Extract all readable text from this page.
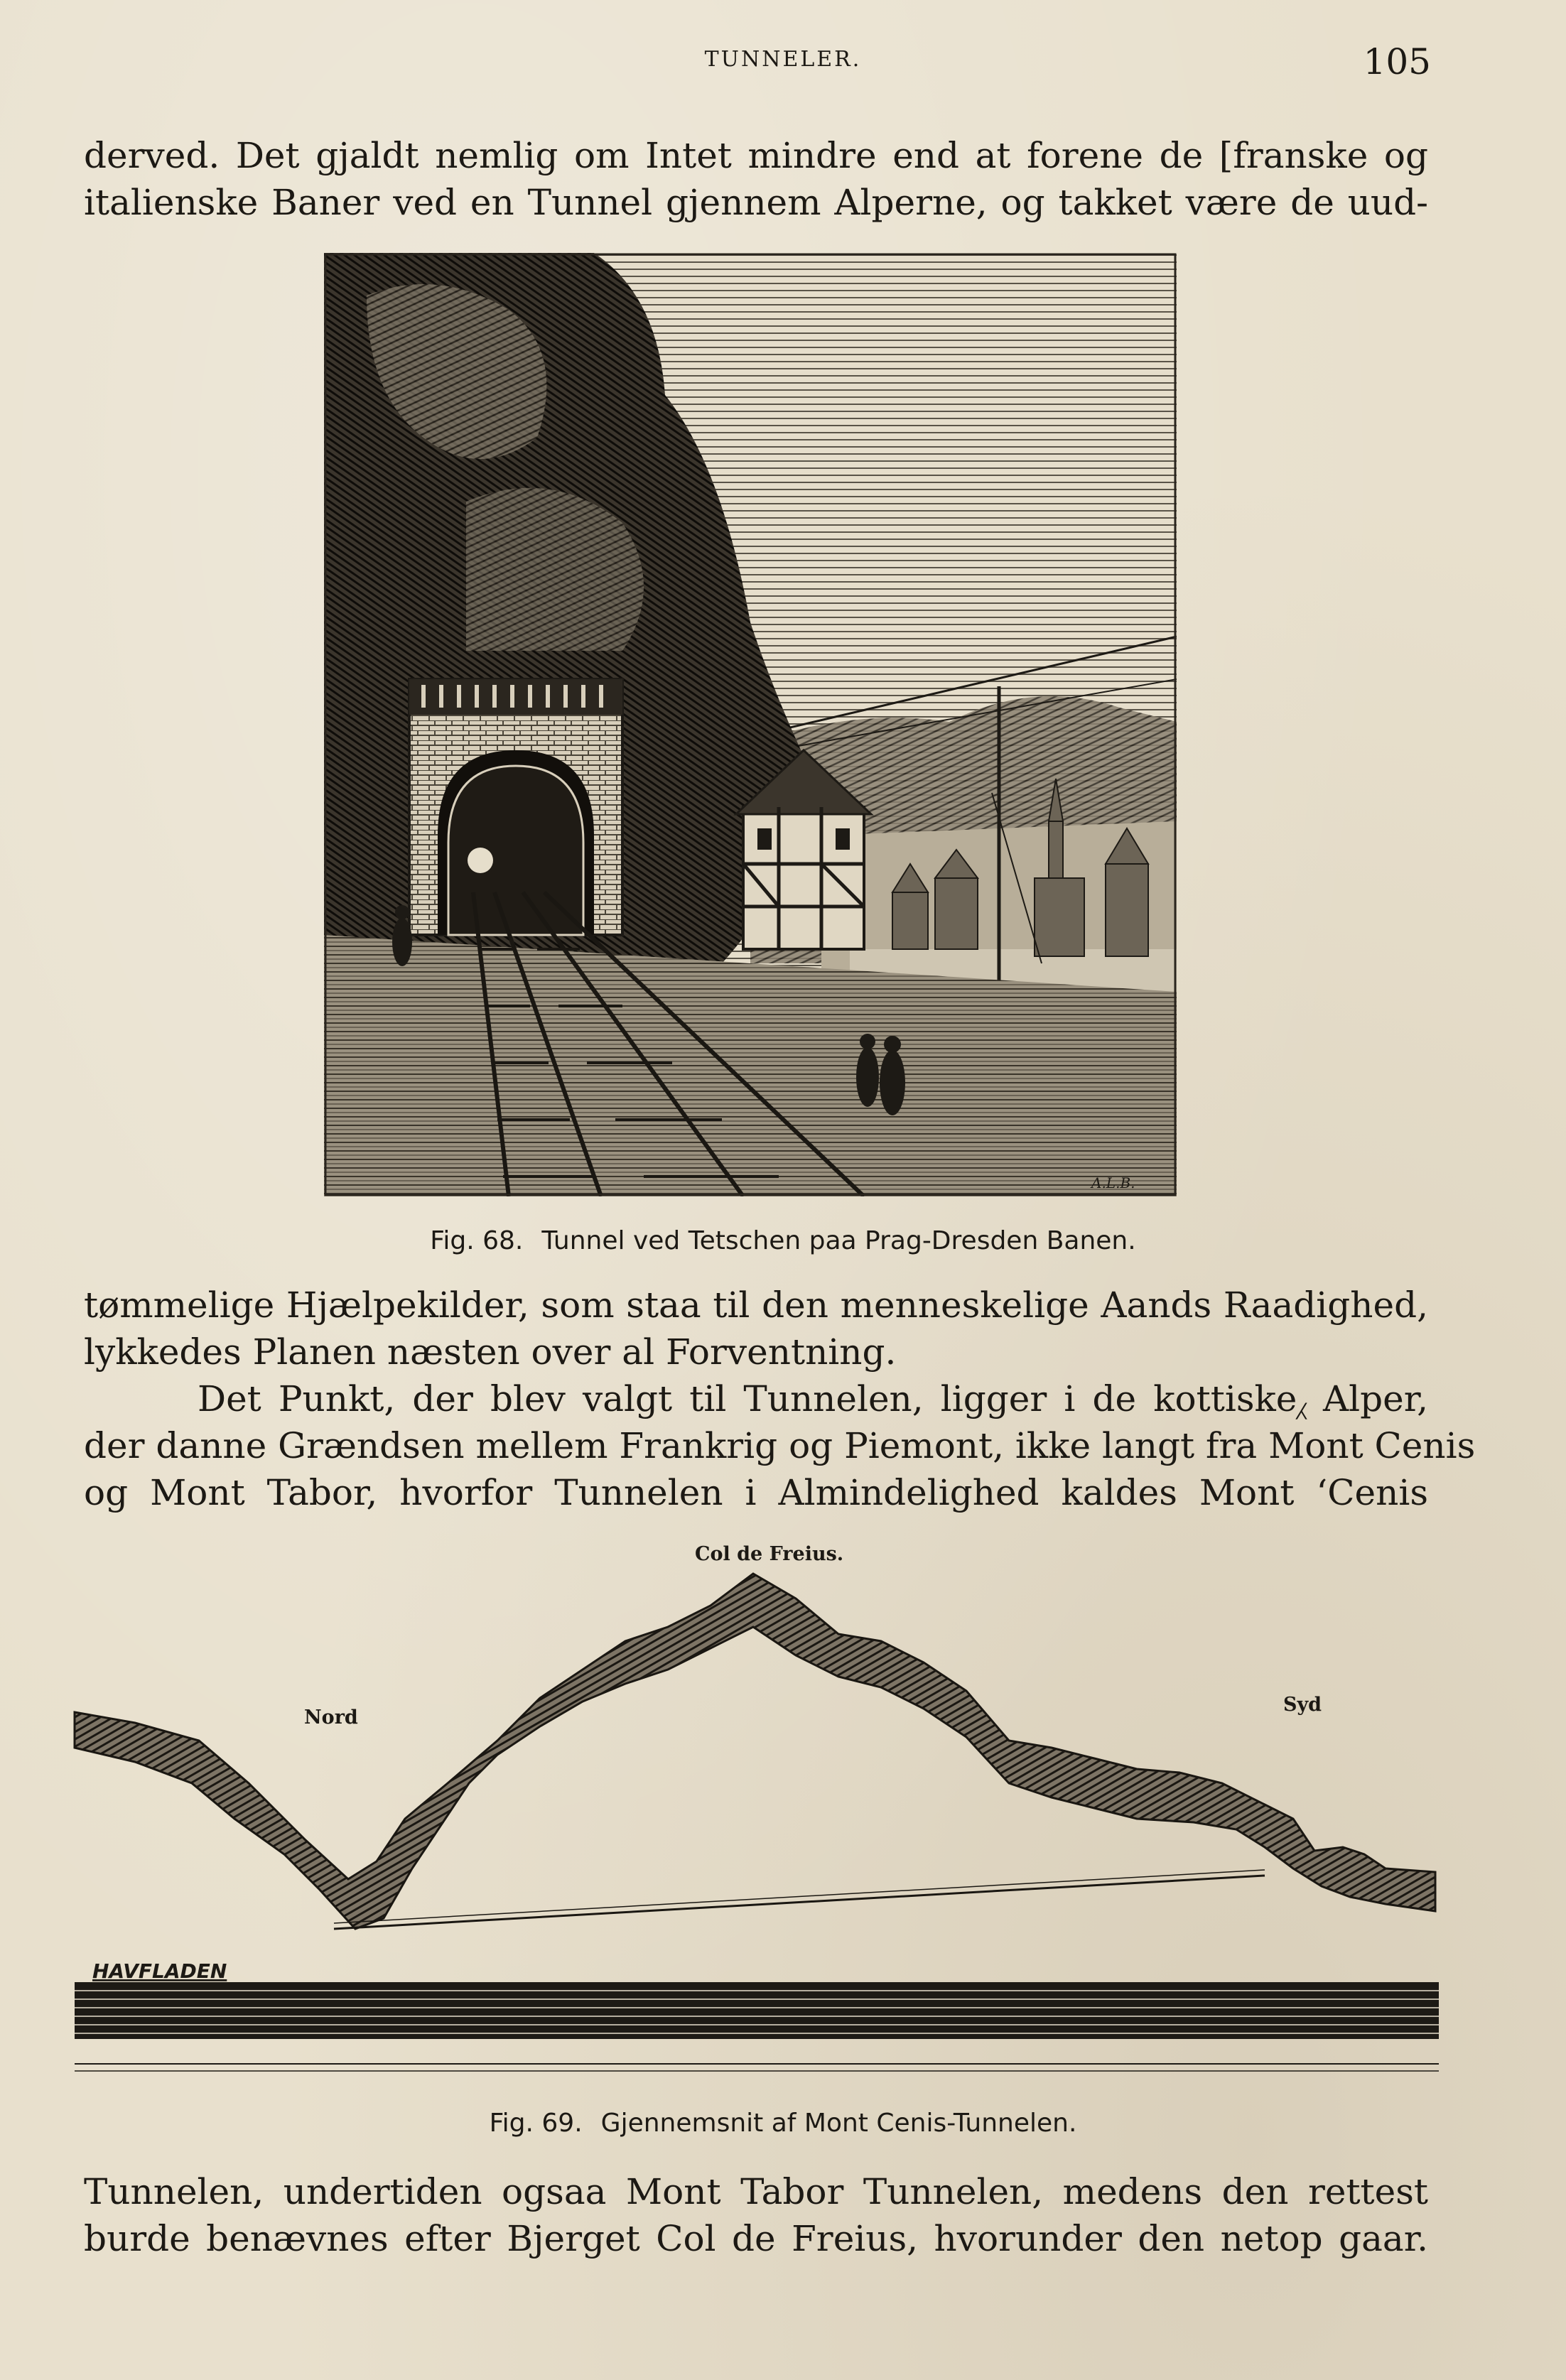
TUNNELER.	105
derved. Det gjaldt nemlig om Intet mindre end at forene de [franske og
italienske Baner ved en Tunnel gjennem Alperne, og takket være de uud-
A.L.B.
Fig. 68. Tunnel ved Tetschen paa Prag-Dresden Banen.
tømmelige Hjælpekilder, som staa til den menneskelige Aands Raadighed,
lykkedes Planen næsten over al Forventning.
Det Punkt, der blev valgt til Tunnelen, ligger i de kottiske⁁ Alper,
der danne Grændsen mellem Frankrig og Piemont, ikke langt fra Mont Cenis
og Mont Tabor, hvorfor Tunnelen i Almindelighed kaldes Mont ‘Cenis
Col de Freius.
Nord
Syd
HAVFLADEN
Fig. 69. Gjennemsnit af Mont Cenis-Tunnelen.
Tunnelen, undertiden ogsaa Mont Tabor Tunnelen, medens den rettest
burde benævnes efter Bjerget Col de Freius, hvorunder den netop gaar.
